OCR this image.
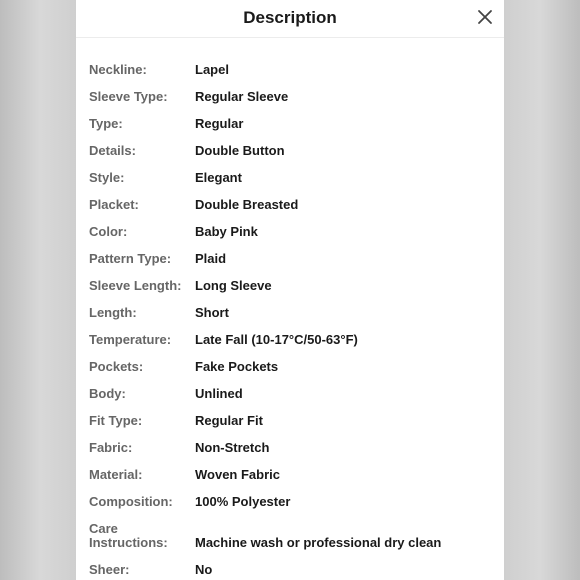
Description
Neckline:	Lapel
Sleeve Type:	Regular Sleeve
Type:	Regular
Details:	Double Button
Style:	Elegant
Placket:	Double Breasted
Color:	Baby Pink
Pattern Type:	Plaid
Sleeve Length:	Long Sleeve
Length:	Short
Temperature:	Late Fall (10-17°C/50-63°F)
Pockets:	Fake Pockets
Body:	Unlined
Fit Type:	Regular Fit
Fabric:	Non-Stretch
Material:	Woven Fabric
Composition:	100% Polyester
Care Instructions:	Machine wash or professional dry clean
Sheer:	No
